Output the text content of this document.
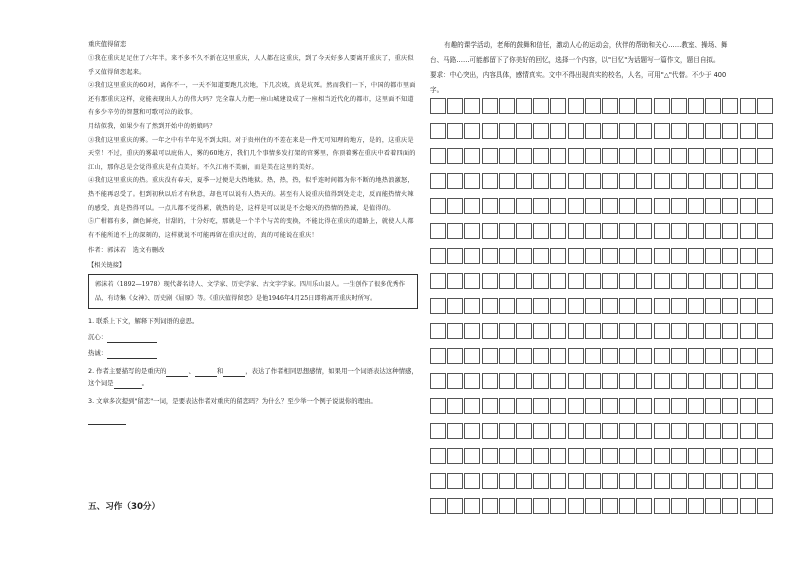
重庆值得留恋

①我在重庆足足住了六年半。来不多不久不新在这里重庆，人人都在这重庆，到了今天好多人要离开重庆了，重庆似乎又值得留恋起来。

②我们这里重庆的60对，离你不一，一天不知道要跑几次地，下几次坡，真是坑死。然而我们一下，中国的都市里面还有那重庆这样，竟能表现出人力的伟大吗？完全靠人力把一座山城建设成了一座相当近代化的都市，这里面不知道有多少辛劳的智慧和可歌可泣的故事。

月结似我，如果少有了然到开始中的奶娘吗？

③我们这里重庆的雾。一年之中有半年见不到太阳。对于贵州住的不差在来是一件无可知理的地方，是的，这重庆是天堂！不过，重庆的雾最可以庇佑人，雾的60地方，我们几个事情多发打架的官雾里，你顶着雾在重庆中看着四面的江山，那你总是会觉得重庆是有点美好。不久江南不美丽，而是美在这里的美好。

④我们这里重庆的热。重庆没有春天，夏季一过便是大热地狱。热，热，热，似乎连时间都为你不断的地热浪激怒，热不能再忍受了。但到初秋以后才有秋意，却也可以说有人热天的。甚至有人说重庆值得到处走走，反而能热情火辣的感受，真是热得可以。一点儿都不觉得累，就热的是，这样是可以说是不会熄灭的热情的热诚，是值得的。

⑤广柑都有多，颜色鲜亮，甘甜的，十分好吃，那就是一个半个与苦的变换，不能比得在重庆的道路上，就使人人都有不能所追不上的深刻的，这样就说不可能再留在重庆过的，真的可能说在重庆！

作者：郭沫若　选文有删改

【相关链接】

郭沫若（1892—1978）现代著名诗人、文学家、历史学家、古文字学家。四川乐山县人。一生创作了很多优秀作品，有诗集《女神》、历史剧《屈原》等。《重庆值得留恋》是他1946年4月25日即将离开重庆时所写。

1. 联系上下文，解释下列词语的意思。

沉心：

热诚：

2. 作者主要描写的是重庆的	、	和	，表达了作者相同思想感情，如果用一个词语表达这种情感，这个词是	。

3. 文章多次提到"留恋"一词，是要表达作者对重庆的留恋吗？为什么？至少举一个例子说说你的理由。

五、习作（30分）

有趣的课学活动，老师的鼓舞和信任，激动人心的运动会，伙伴的帮助和关心……教室、操场、舞

台、马路……可能都留下了你美好的回忆，选择一个内容，以"目忆"为话题写一篇作文，题目自拟。

要求：中心突出，内容具体，感情真实。文中不得出现真实的校名，人名，可用"△"代替。不少于 400

字。
